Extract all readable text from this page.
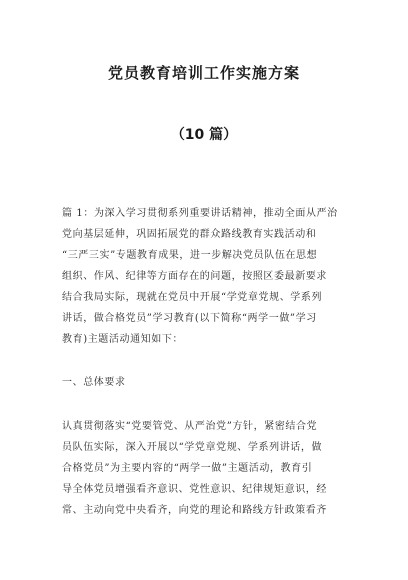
党员教育培训工作实施方案
（10 篇）
篇 1：为深入学习贯彻系列重要讲话精神，推动全面从严治
党向基层延伸，巩固拓展党的群众路线教育实践活动和
“三严三实”专题教育成果，进一步解决党员队伍在思想
组织、作风、纪律等方面存在的问题，按照区委最新要求
结合我局实际，现就在党员中开展“学党章党规、学系列
讲话，做合格党员”学习教育(以下简称“两学一做”学习
教育)主题活动通知如下：
一、总体要求
认真贯彻落实“党要管党、从严治党”方针，紧密结合党
员队伍实际，深入开展以“学党章党规、学系列讲话，做
合格党员”为主要内容的“两学一做”主题活动，教育引
导全体党员增强看齐意识、党性意识、纪律规矩意识，经
常、主动向党中央看齐，向党的理论和路线方针政策看齐
